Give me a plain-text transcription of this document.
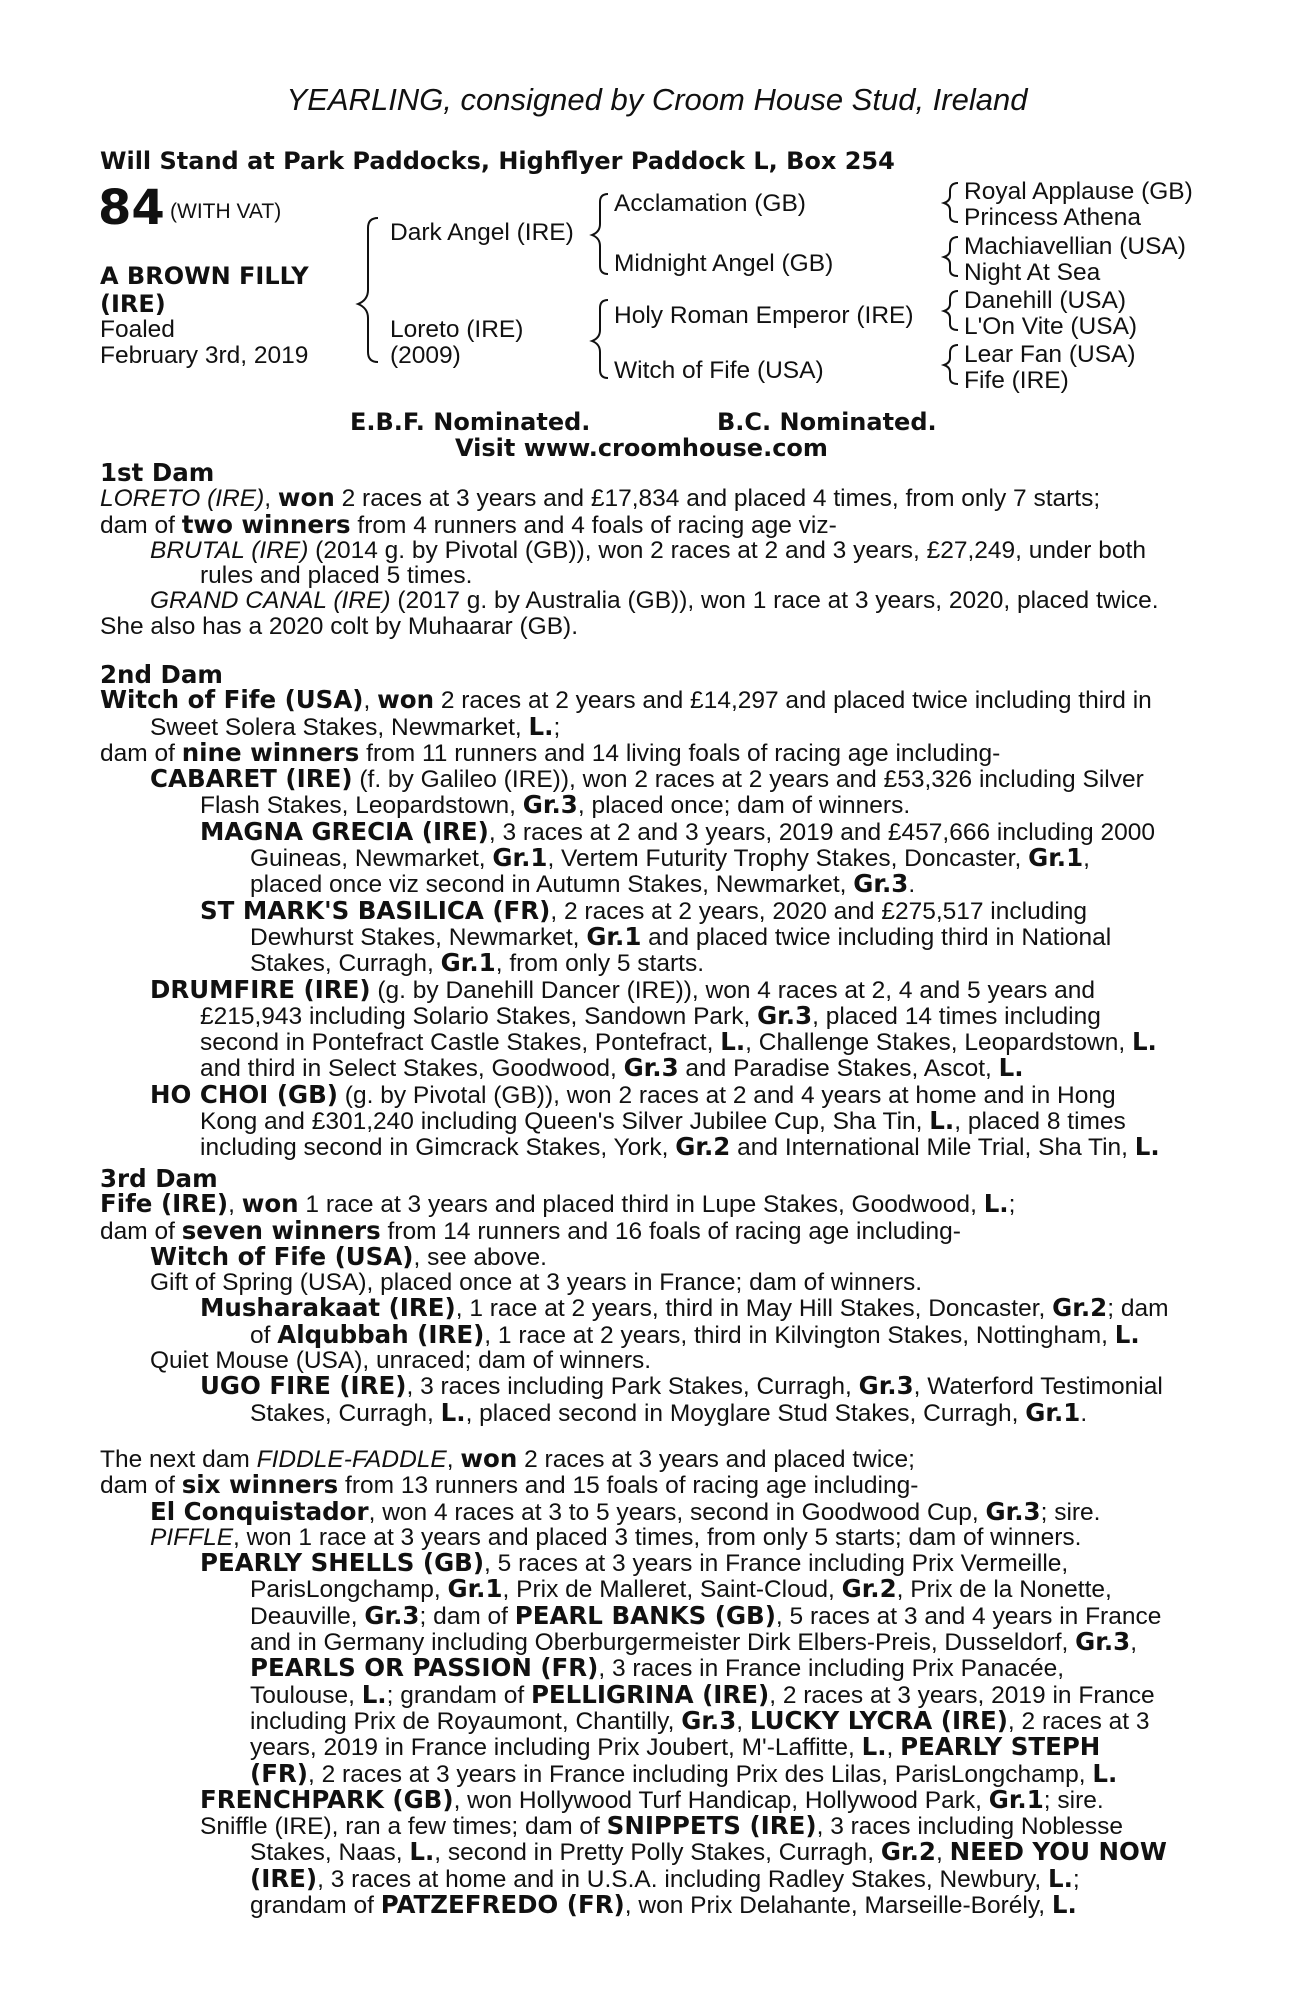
YEARLING, consigned by Croom House Stud, Ireland
Will Stand at Park Paddocks, Highflyer Paddock L, Box 254
84 (WITH VAT)
A BROWN FILLY
(IRE)
Foaled
February 3rd, 2019
Dark Angel (IRE)
Loreto (IRE)
(2009)
Acclamation (GB)
Midnight Angel (GB)
Holy Roman Emperor (IRE)
Witch of Fife (USA)
Royal Applause (GB)
Princess Athena
Machiavellian (USA)
Night At Sea
Danehill (USA)
L'On Vite (USA)
Lear Fan (USA)
Fife (IRE)
E.B.F. Nominated.	B.C. Nominated.
Visit www.croomhouse.com
1st Dam
LORETO (IRE), won 2 races at 3 years and £17,834 and placed 4 times, from only 7 starts;
dam of two winners from 4 runners and 4 foals of racing age viz-
BRUTAL (IRE) (2014 g. by Pivotal (GB)), won 2 races at 2 and 3 years, £27,249, under both
rules and placed 5 times.
GRAND CANAL (IRE) (2017 g. by Australia (GB)), won 1 race at 3 years, 2020, placed twice.
She also has a 2020 colt by Muhaarar (GB).
2nd Dam
Witch of Fife (USA), won 2 races at 2 years and £14,297 and placed twice including third in
Sweet Solera Stakes, Newmarket, L.;
dam of nine winners from 11 runners and 14 living foals of racing age including-
CABARET (IRE) (f. by Galileo (IRE)), won 2 races at 2 years and £53,326 including Silver
Flash Stakes, Leopardstown, Gr.3, placed once; dam of winners.
MAGNA GRECIA (IRE), 3 races at 2 and 3 years, 2019 and £457,666 including 2000
Guineas, Newmarket, Gr.1, Vertem Futurity Trophy Stakes, Doncaster, Gr.1,
placed once viz second in Autumn Stakes, Newmarket, Gr.3.
ST MARK'S BASILICA (FR), 2 races at 2 years, 2020 and £275,517 including
Dewhurst Stakes, Newmarket, Gr.1 and placed twice including third in National
Stakes, Curragh, Gr.1, from only 5 starts.
DRUMFIRE (IRE) (g. by Danehill Dancer (IRE)), won 4 races at 2, 4 and 5 years and
£215,943 including Solario Stakes, Sandown Park, Gr.3, placed 14 times including
second in Pontefract Castle Stakes, Pontefract, L., Challenge Stakes, Leopardstown, L.
and third in Select Stakes, Goodwood, Gr.3 and Paradise Stakes, Ascot, L.
HO CHOI (GB) (g. by Pivotal (GB)), won 2 races at 2 and 4 years at home and in Hong
Kong and £301,240 including Queen's Silver Jubilee Cup, Sha Tin, L., placed 8 times
including second in Gimcrack Stakes, York, Gr.2 and International Mile Trial, Sha Tin, L.
3rd Dam
Fife (IRE), won 1 race at 3 years and placed third in Lupe Stakes, Goodwood, L.;
dam of seven winners from 14 runners and 16 foals of racing age including-
Witch of Fife (USA), see above.
Gift of Spring (USA), placed once at 3 years in France; dam of winners.
Musharakaat (IRE), 1 race at 2 years, third in May Hill Stakes, Doncaster, Gr.2; dam
of Alqubbah (IRE), 1 race at 2 years, third in Kilvington Stakes, Nottingham, L.
Quiet Mouse (USA), unraced; dam of winners.
UGO FIRE (IRE), 3 races including Park Stakes, Curragh, Gr.3, Waterford Testimonial
Stakes, Curragh, L., placed second in Moyglare Stud Stakes, Curragh, Gr.1.
The next dam FIDDLE-FADDLE, won 2 races at 3 years and placed twice;
dam of six winners from 13 runners and 15 foals of racing age including-
El Conquistador, won 4 races at 3 to 5 years, second in Goodwood Cup, Gr.3; sire.
PIFFLE, won 1 race at 3 years and placed 3 times, from only 5 starts; dam of winners.
PEARLY SHELLS (GB), 5 races at 3 years in France including Prix Vermeille,
ParisLongchamp, Gr.1, Prix de Malleret, Saint-Cloud, Gr.2, Prix de la Nonette,
Deauville, Gr.3; dam of PEARL BANKS (GB), 5 races at 3 and 4 years in France
and in Germany including Oberburgermeister Dirk Elbers-Preis, Dusseldorf, Gr.3,
PEARLS OR PASSION (FR), 3 races in France including Prix Panacée,
Toulouse, L.; grandam of PELLIGRINA (IRE), 2 races at 3 years, 2019 in France
including Prix de Royaumont, Chantilly, Gr.3, LUCKY LYCRA (IRE), 2 races at 3
years, 2019 in France including Prix Joubert, M'-Laffitte, L., PEARLY STEPH
(FR), 2 races at 3 years in France including Prix des Lilas, ParisLongchamp, L.
FRENCHPARK (GB), won Hollywood Turf Handicap, Hollywood Park, Gr.1; sire.
Sniffle (IRE), ran a few times; dam of SNIPPETS (IRE), 3 races including Noblesse
Stakes, Naas, L., second in Pretty Polly Stakes, Curragh, Gr.2, NEED YOU NOW
(IRE), 3 races at home and in U.S.A. including Radley Stakes, Newbury, L.;
grandam of PATZEFREDO (FR), won Prix Delahante, Marseille-Borély, L.
